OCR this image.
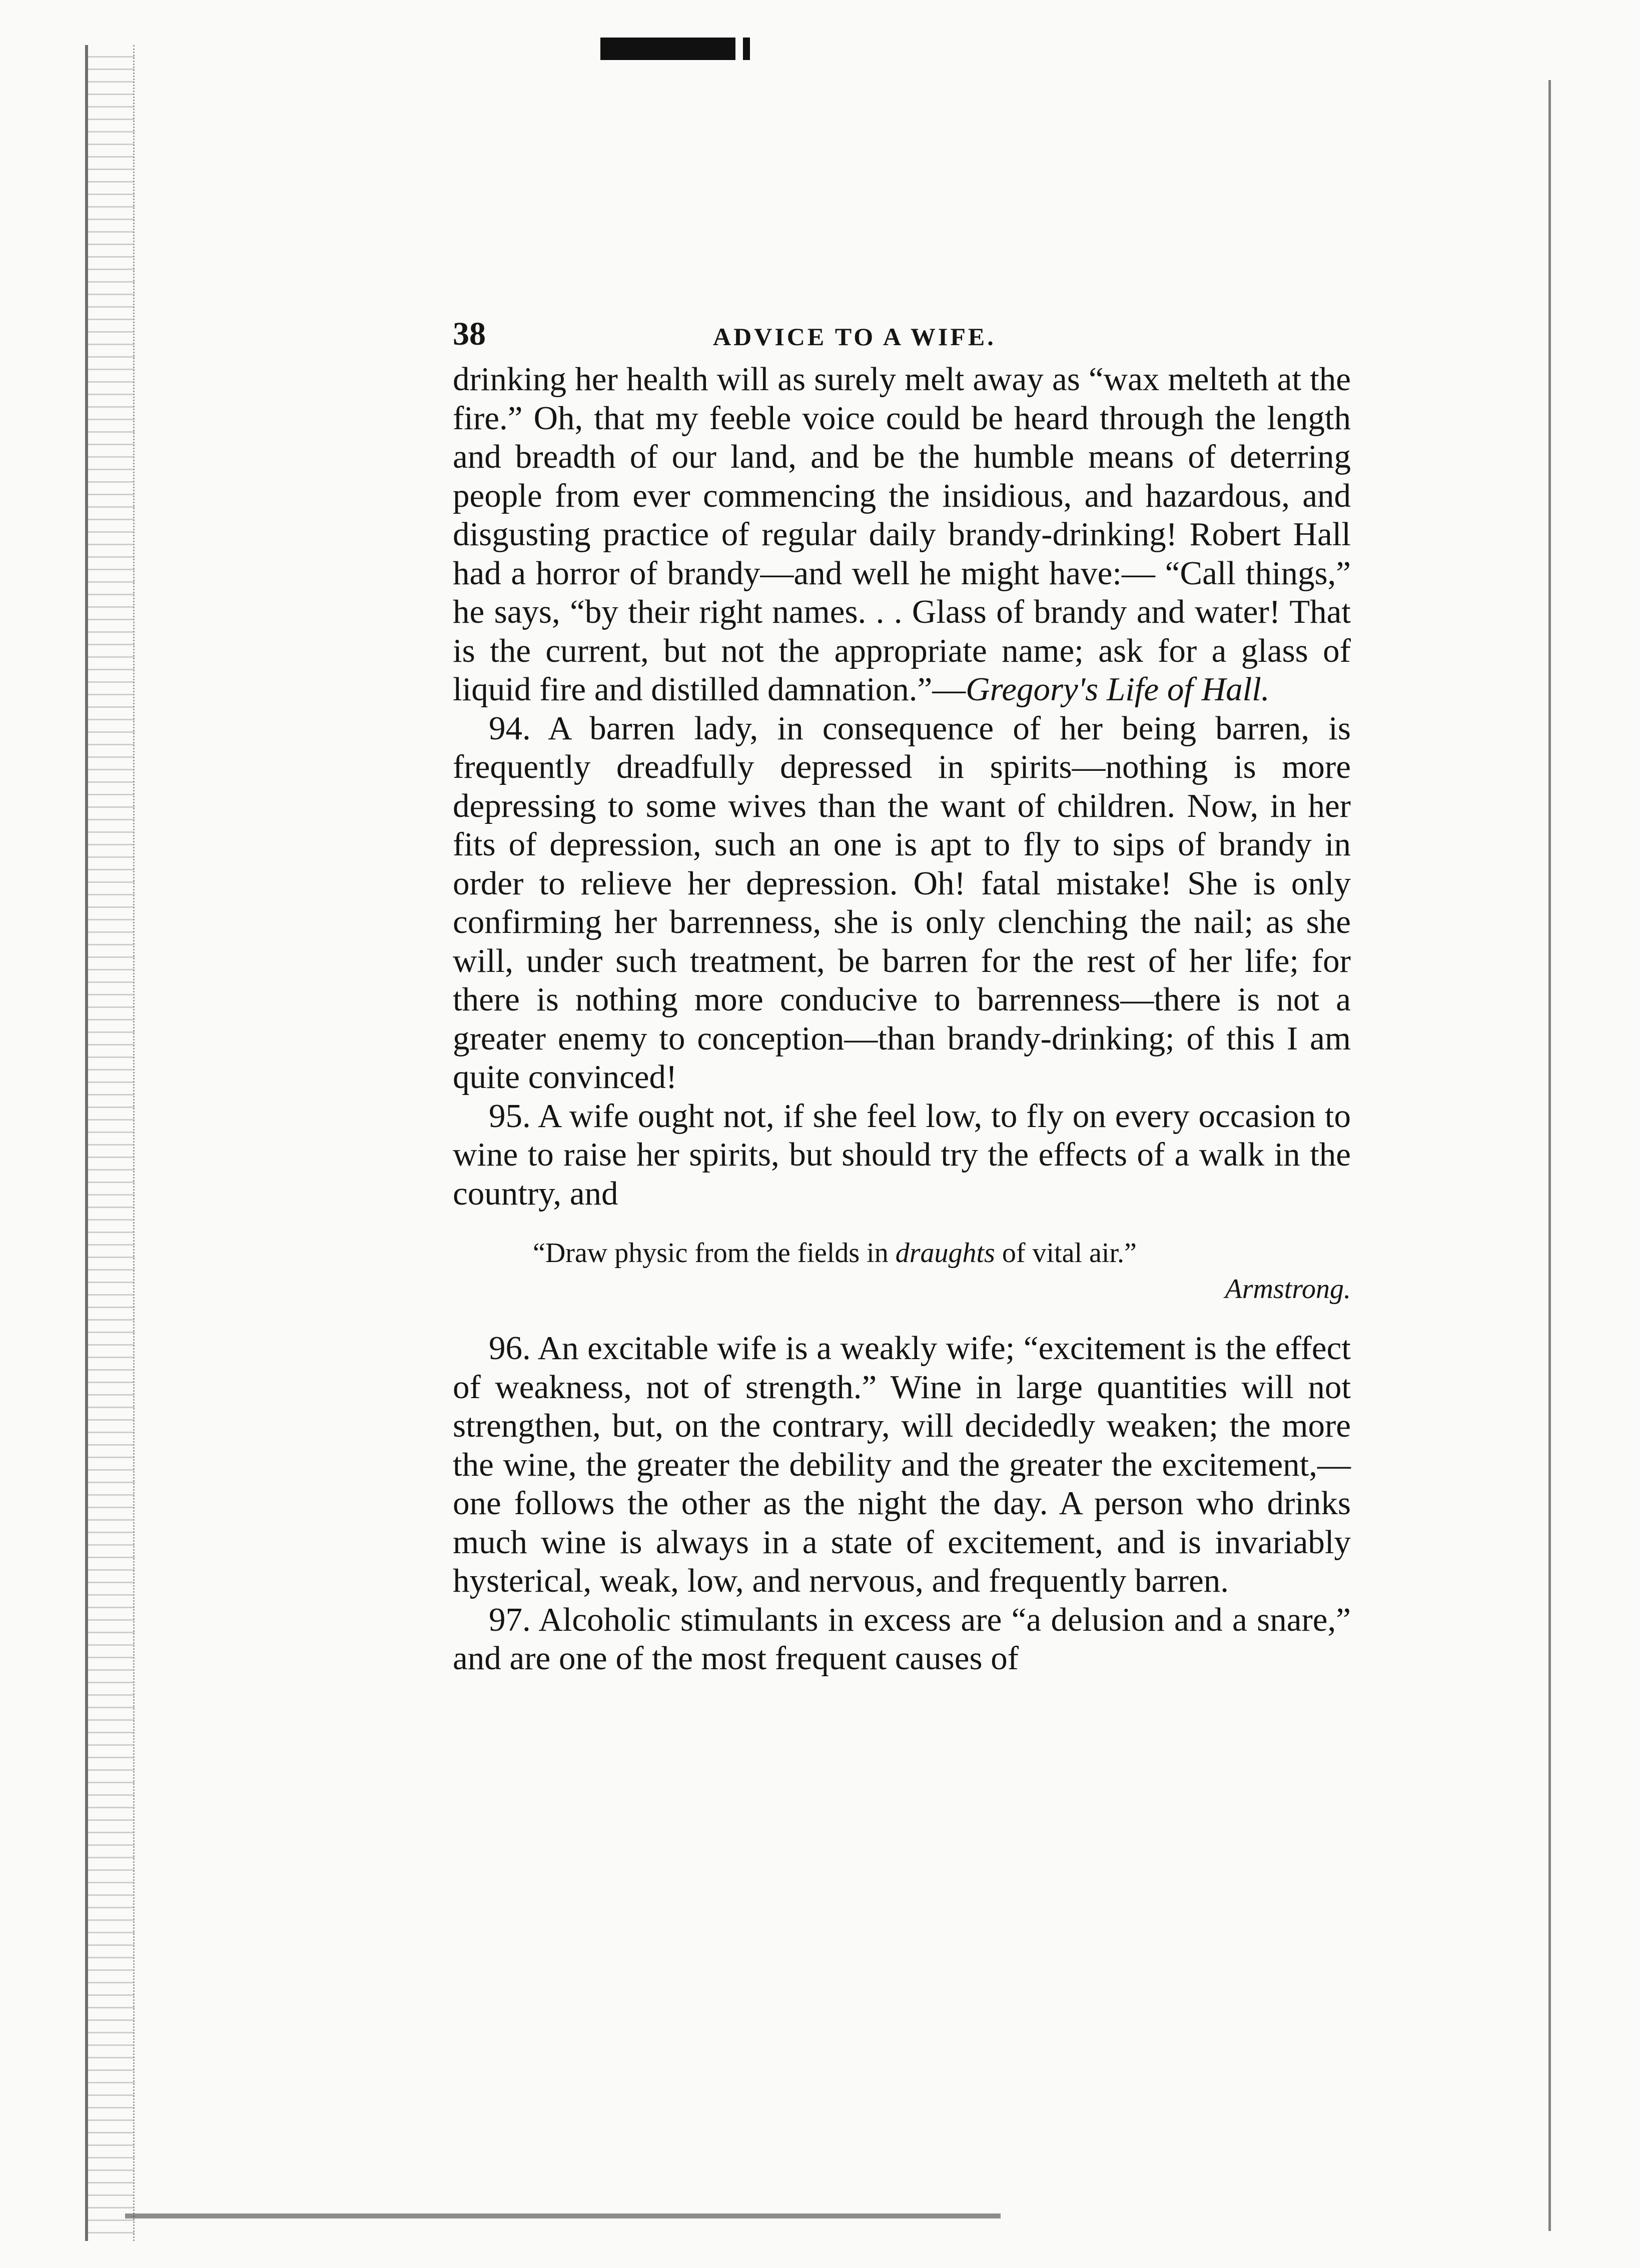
38	ADVICE TO A WIFE.

drinking her health will as surely melt away as “wax melteth at the fire.” Oh, that my feeble voice could be heard through the length and breadth of our land, and be the humble means of deterring people from ever commencing the insidious, and hazardous, and disgusting practice of regular daily brandy-drinking! Robert Hall had a horror of brandy—and well he might have:— “Call things,” he says, “by their right names. . . Glass of brandy and water! That is the current, but not the appropriate name; ask for a glass of liquid fire and distilled damnation.”—Gregory's Life of Hall.

94. A barren lady, in consequence of her being barren, is frequently dreadfully depressed in spirits—nothing is more depressing to some wives than the want of children. Now, in her fits of depression, such an one is apt to fly to sips of brandy in order to relieve her depression. Oh! fatal mistake! She is only confirming her barrenness, she is only clenching the nail; as she will, under such treatment, be barren for the rest of her life; for there is nothing more conducive to barrenness—there is not a greater enemy to conception—than brandy-drinking; of this I am quite convinced!

95. A wife ought not, if she feel low, to fly on every occasion to wine to raise her spirits, but should try the effects of a walk in the country, and

“Draw physic from the fields in draughts of vital air.”
Armstrong.

96. An excitable wife is a weakly wife; “excitement is the effect of weakness, not of strength.” Wine in large quantities will not strengthen, but, on the contrary, will decidedly weaken; the more the wine, the greater the debility and the greater the excitement,—one follows the other as the night the day. A person who drinks much wine is always in a state of excitement, and is invariably hysterical, weak, low, and nervous, and frequently barren.

97. Alcoholic stimulants in excess are “a delusion and a snare,” and are one of the most frequent causes of
